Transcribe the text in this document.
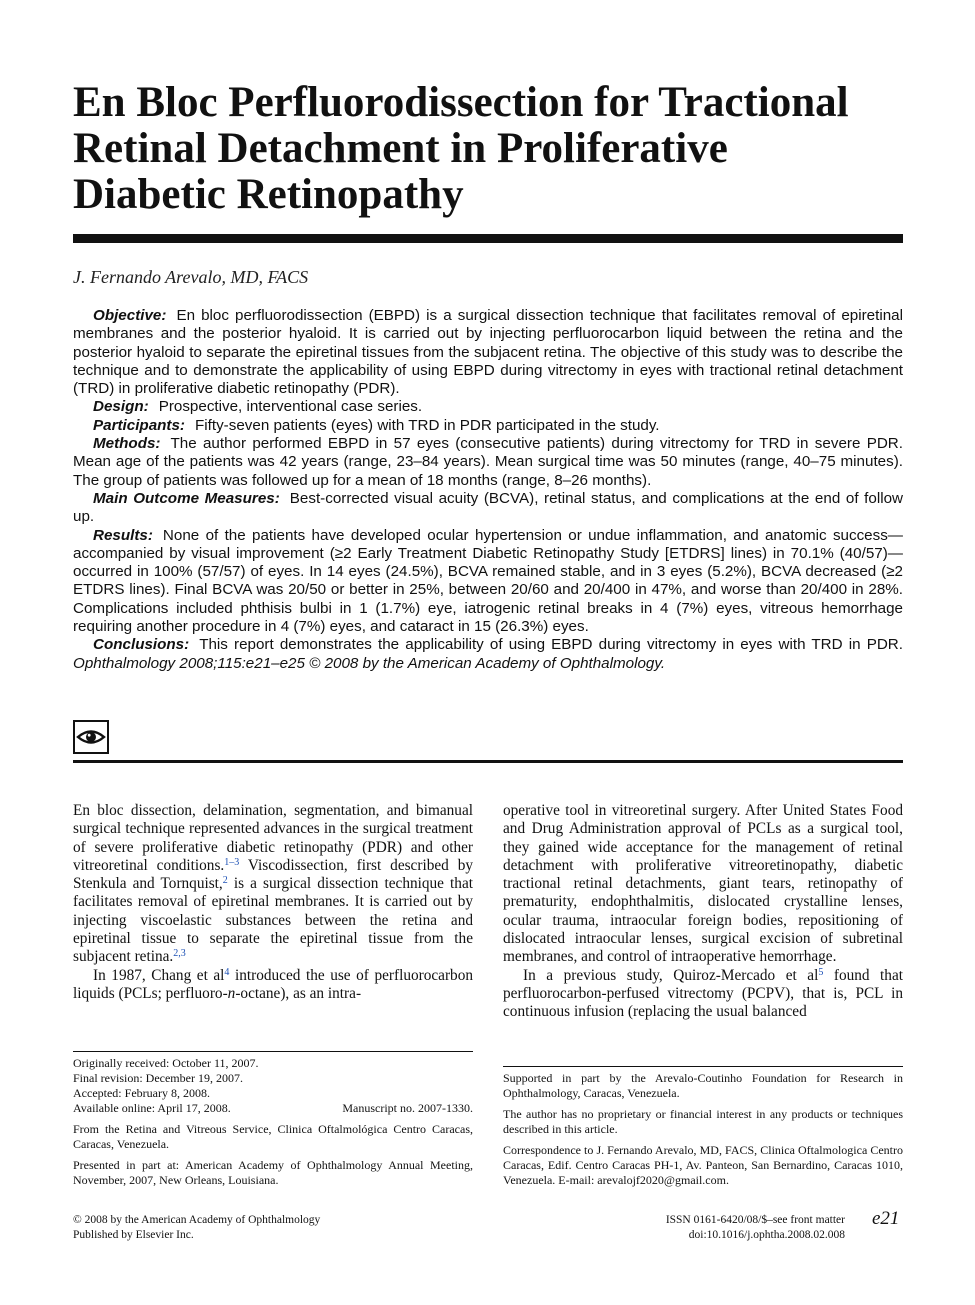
En Bloc Perfluorodissection for Tractional
Retinal Detachment in Proliferative
Diabetic Retinopathy
J. Fernando Arevalo, MD, FACS

Objective: En bloc perfluorodissection (EBPD) is a surgical dissection technique that facilitates removal of epiretinal membranes and the posterior hyaloid. It is carried out by injecting perfluorocarbon liquid between the retina and the posterior hyaloid to separate the epiretinal tissues from the subjacent retina. The objective of this study was to describe the technique and to demonstrate the applicability of using EBPD during vitrectomy in eyes with tractional retinal detachment (TRD) in proliferative diabetic retinopathy (PDR).

Design: Prospective, interventional case series.

Participants: Fifty-seven patients (eyes) with TRD in PDR participated in the study.

Methods: The author performed EBPD in 57 eyes (consecutive patients) during vitrectomy for TRD in severe PDR. Mean age of the patients was 42 years (range, 23–84 years). Mean surgical time was 50 minutes (range, 40–75 minutes). The group of patients was followed up for a mean of 18 months (range, 8–26 months).

Main Outcome Measures: Best-corrected visual acuity (BCVA), retinal status, and complications at the end of follow up.

Results: None of the patients have developed ocular hypertension or undue inflammation, and anatomic success—accompanied by visual improvement (≥2 Early Treatment Diabetic Retinopathy Study [ETDRS] lines) in 70.1% (40/57)—occurred in 100% (57/57) of eyes. In 14 eyes (24.5%), BCVA remained stable, and in 3 eyes (5.2%), BCVA decreased (≥2 ETDRS lines). Final BCVA was 20/50 or better in 25%, between 20/60 and 20/400 in 47%, and worse than 20/400 in 28%. Complications included phthisis bulbi in 1 (1.7%) eye, iatrogenic retinal breaks in 4 (7%) eyes, vitreous hemorrhage requiring another procedure in 4 (7%) eyes, and cataract in 15 (26.3%) eyes.

Conclusions: This report demonstrates the applicability of using EBPD during vitrectomy in eyes with TRD in PDR. Ophthalmology 2008;115:e21–e25 © 2008 by the American Academy of Ophthalmology.

En bloc dissection, delamination, segmentation, and bimanual surgical technique represented advances in the surgical treatment of severe proliferative diabetic retinopathy (PDR) and other vitreoretinal conditions.$^{1-3}$ Viscodissection, first described by Stenkula and Tornquist,$^2$ is a surgical dissection technique that facilitates removal of epiretinal membranes. It is carried out by injecting viscoelastic substances between the retina and epiretinal tissue to separate the epiretinal tissue from the subjacent retina.$^{2,3}$

In 1987, Chang et $al^4$ introduced the use of perfluorocarbon liquids (PCLs; perfluoro-n-octane), as an intra-

operative tool in vitreoretinal surgery. After United States Food and Drug Administration approval of PCLs as a surgical tool, they gained wide acceptance for the management of retinal detachment with proliferative vitreoretinopathy, diabetic tractional retinal detachments, giant tears, retinopathy of prematurity, endophthalmitis, dislocated crystalline lenses, ocular trauma, intraocular foreign bodies, repositioning of dislocated intraocular lenses, surgical excision of subretinal membranes, and control of intraoperative hemorrhage.

In a previous study, Quiroz-Mercado et $al^5$ found that perfluorocarbon-perfused vitrectomy (PCPV), that is, PCL in continuous infusion (replacing the usual balanced

Originally received: October 11, 2007.
Final revision: December 19, 2007.
Accepted: February 8, 2008.
Available online: April 17, 2008.	Manuscript no. 2007-1330.

From the Retina and Vitreous Service, Clinica Oftalmológica Centro Caracas, Caracas, Venezuela.

Presented in part at: American Academy of Ophthalmology Annual Meeting, November, 2007, New Orleans, Louisiana.

Supported in part by the Arevalo-Coutinho Foundation for Research in Ophthalmology, Caracas, Venezuela.

The author has no proprietary or financial interest in any products or techniques described in this article.

Correspondence to J. Fernando Arevalo, MD, FACS, Clinica Oftalmologica Centro Caracas, Edif. Centro Caracas PH-1, Av. Panteon, San Bernardino, Caracas 1010, Venezuela. E-mail: arevalojf2020@gmail.com.

© 2008 by the American Academy of Ophthalmology
Published by Elsevier Inc.
ISSN 0161-6420/08/$–see front matter
doi:10.1016/j.ophtha.2008.02.008
e21
